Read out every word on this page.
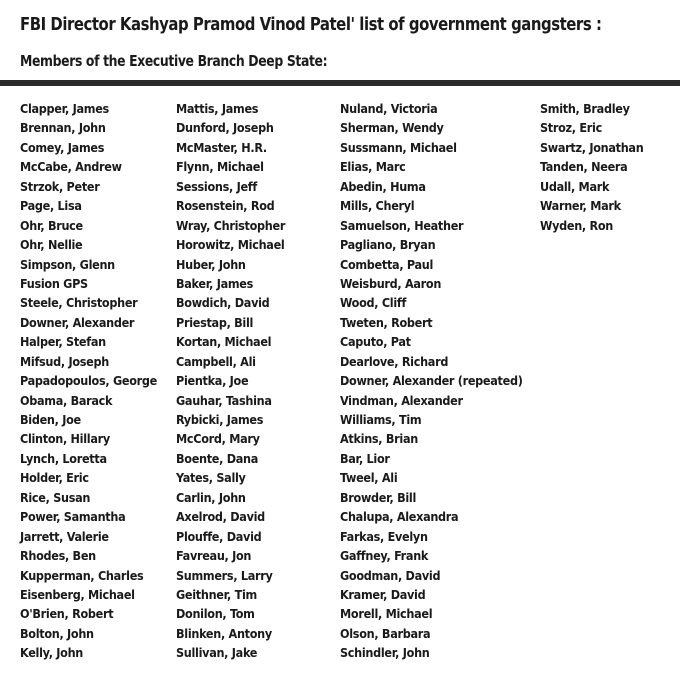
FBI Director Kashyap Pramod Vinod Patel' list of government gangsters :
Members of the Executive Branch Deep State:
Clapper, James
Brennan, John
Comey, James
McCabe, Andrew
Strzok, Peter
Page, Lisa
Ohr, Bruce
Ohr, Nellie
Simpson, Glenn
Fusion GPS
Steele, Christopher
Downer, Alexander
Halper, Stefan
Mifsud, Joseph
Papadopoulos, George
Obama, Barack
Biden, Joe
Clinton, Hillary
Lynch, Loretta
Holder, Eric
Rice, Susan
Power, Samantha
Jarrett, Valerie
Rhodes, Ben
Kupperman, Charles
Eisenberg, Michael
O'Brien, Robert
Bolton, John
Kelly, John
Mattis, James
Dunford, Joseph
McMaster, H.R.
Flynn, Michael
Sessions, Jeff
Rosenstein, Rod
Wray, Christopher
Horowitz, Michael
Huber, John
Baker, James
Bowdich, David
Priestap, Bill
Kortan, Michael
Campbell, Ali
Pientka, Joe
Gauhar, Tashina
Rybicki, James
McCord, Mary
Boente, Dana
Yates, Sally
Carlin, John
Axelrod, David
Plouffe, David
Favreau, Jon
Summers, Larry
Geithner, Tim
Donilon, Tom
Blinken, Antony
Sullivan, Jake
Nuland, Victoria
Sherman, Wendy
Sussmann, Michael
Elias, Marc
Abedin, Huma
Mills, Cheryl
Samuelson, Heather
Pagliano, Bryan
Combetta, Paul
Weisburd, Aaron
Wood, Cliff
Tweten, Robert
Caputo, Pat
Dearlove, Richard
Downer, Alexander (repeated)
Vindman, Alexander
Williams, Tim
Atkins, Brian
Bar, Lior
Tweel, Ali
Browder, Bill
Chalupa, Alexandra
Farkas, Evelyn
Gaffney, Frank
Goodman, David
Kramer, David
Morell, Michael
Olson, Barbara
Schindler, John
Smith, Bradley
Stroz, Eric
Swartz, Jonathan
Tanden, Neera
Udall, Mark
Warner, Mark
Wyden, Ron
